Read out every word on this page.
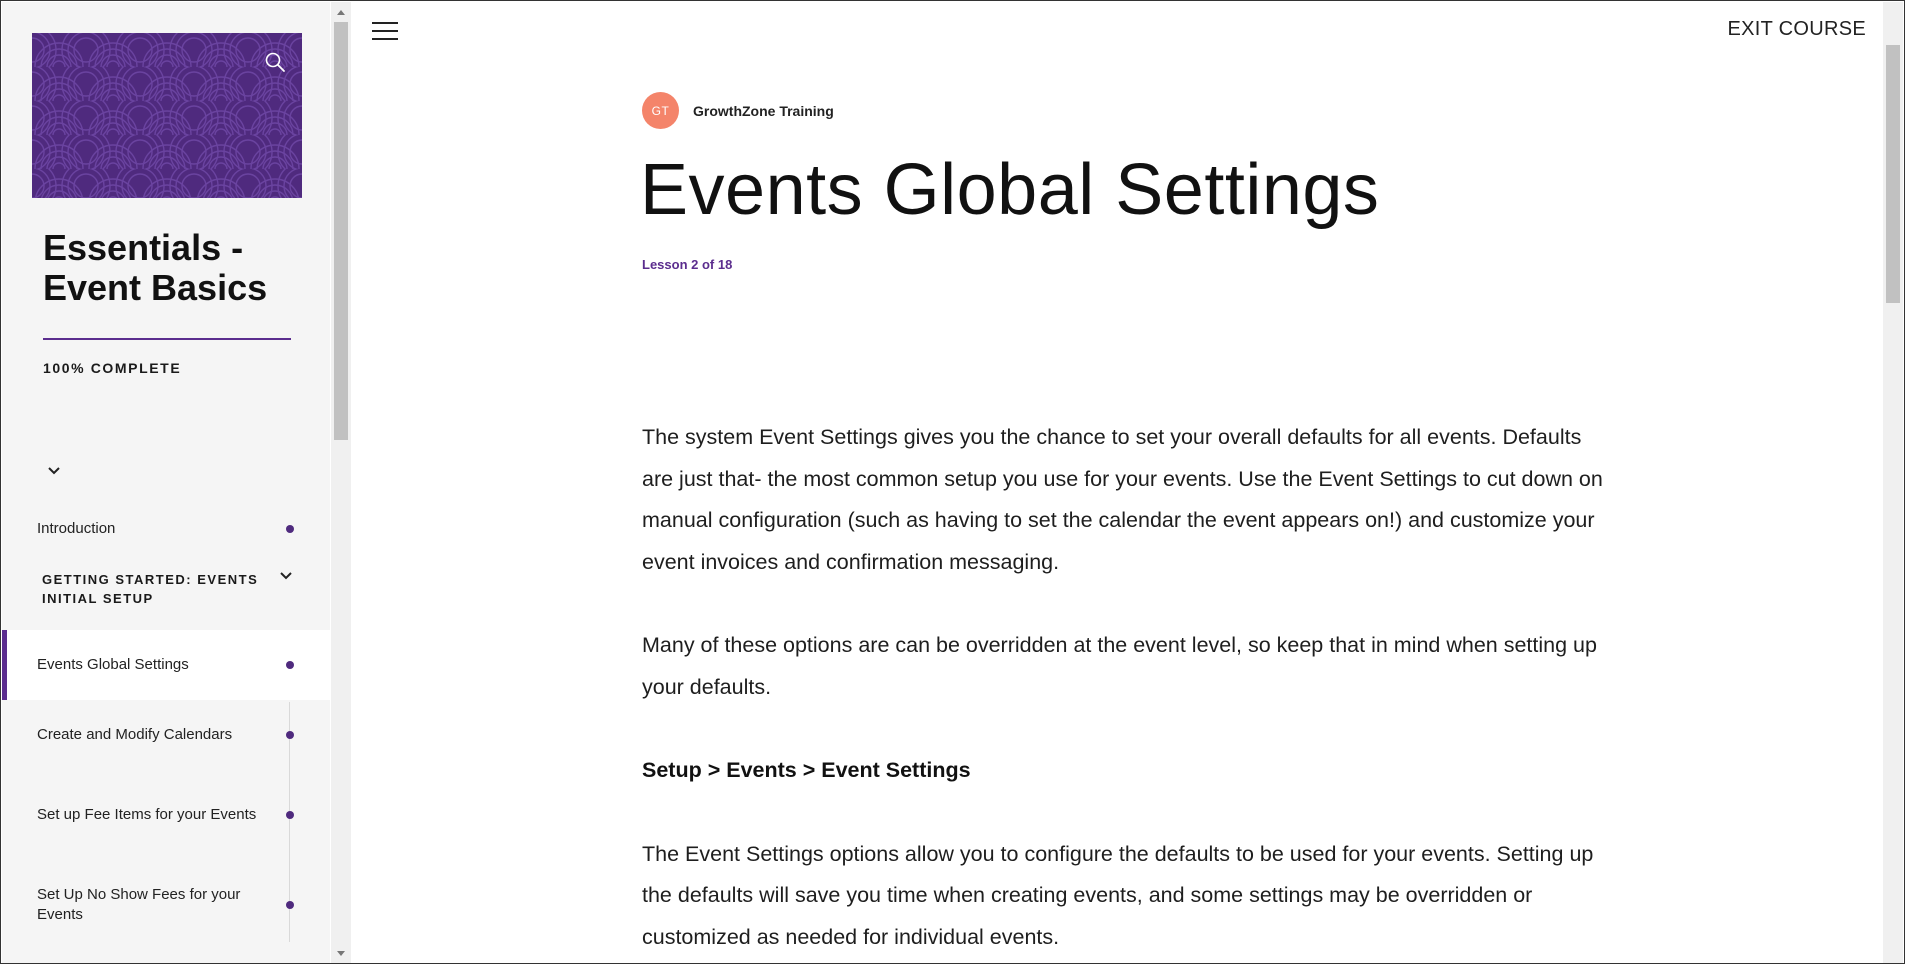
Essentials - Event Basics
100% COMPLETE
Introduction
GETTING STARTED: EVENTS INITIAL SETUP
Events Global Settings
Create and Modify Calendars
Set up Fee Items for your Events
Set Up No Show Fees for your Events
EXIT COURSE
GT	GrowthZone Training
Events Global Settings
Lesson 2 of 18

The system Event Settings gives you the chance to set your overall defaults for all events. Defaults are just that- the most common setup you use for your events. Use the Event Settings to cut down on manual configuration (such as having to set the calendar the event appears on!) and customize your event invoices and confirmation messaging.

Many of these options are can be overridden at the event level, so keep that in mind when setting up your defaults.

Setup > Events > Event Settings

The Event Settings options allow you to configure the defaults to be used for your events. Setting up the defaults will save you time when creating events, and some settings may be overridden or customized as needed for individual events.
